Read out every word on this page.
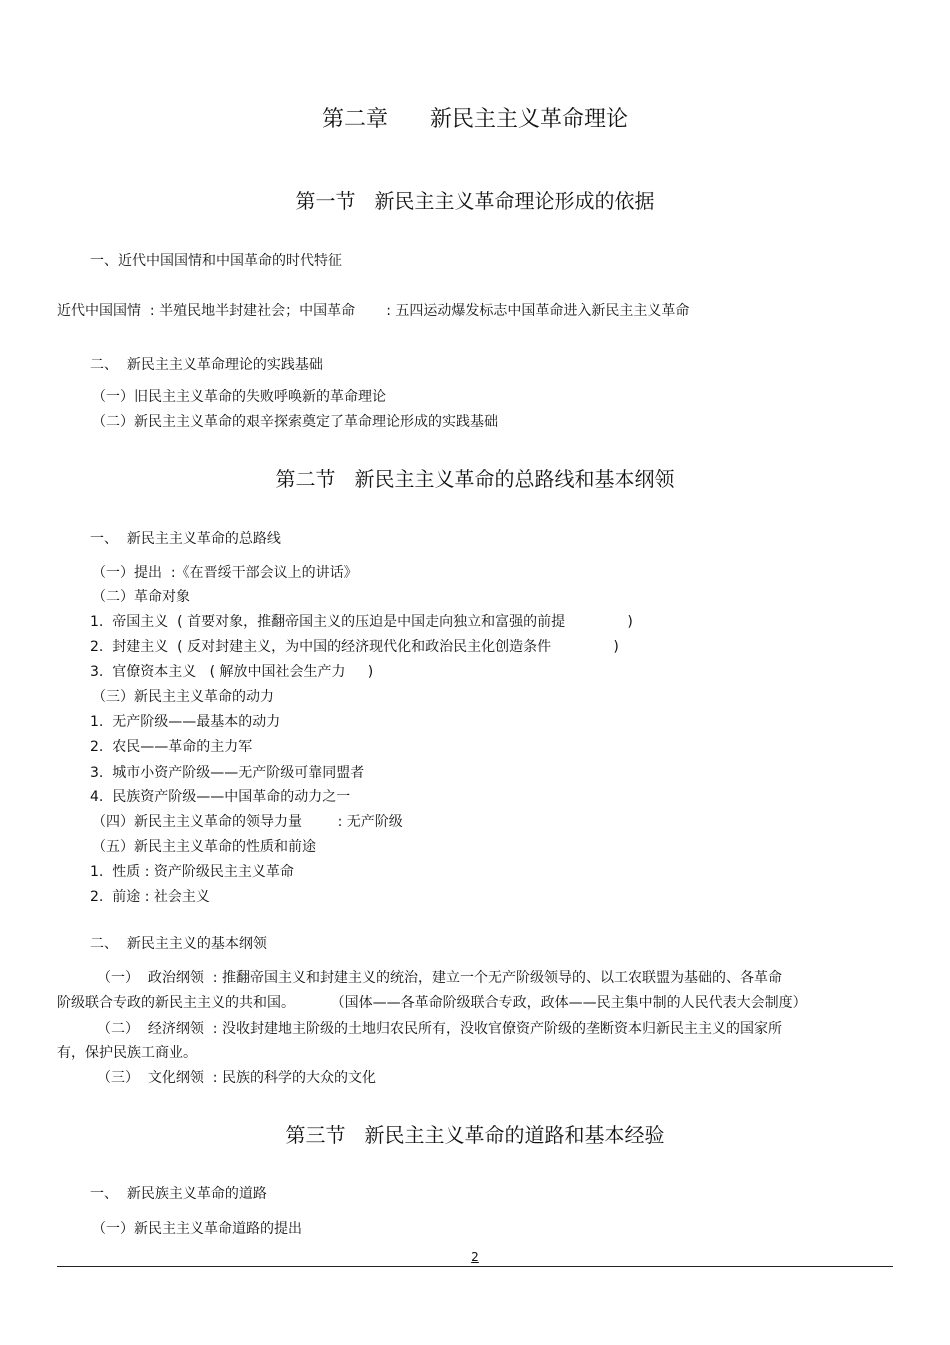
第二章      新民主主义革命理论
第一节   新民主主义革命理论形成的依据
一、近代中国国情和中国革命的时代特征
近代中国国情  : 半殖民地半封建社会；中国革命       : 五四运动爆发标志中国革命进入新民主主义革命
二、  新民主主义革命理论的实践基础
（一）旧民主主义革命的失败呼唤新的革命理论
（二）新民主主义革命的艰辛探索奠定了革命理论形成的实践基础
第二节   新民主主义革命的总路线和基本纲领
一、  新民主主义革命的总路线
（一）提出  :《在晋绥干部会议上的讲话》
（二）革命对象
1.  帝国主义  ( 首要对象，推翻帝国主义的压迫是中国走向独立和富强的前提              )
2.  封建主义  ( 反对封建主义，为中国的经济现代化和政治民主化创造条件              )
3.  官僚资本主义   ( 解放中国社会生产力     )
（三）新民主主义革命的动力
1.  无产阶级——最基本的动力
2.  农民——革命的主力军
3.  城市小资产阶级——无产阶级可靠同盟者
4.  民族资产阶级——中国革命的动力之一
（四）新民主主义革命的领导力量        : 无产阶级
（五）新民主主义革命的性质和前途
1.  性质 : 资产阶级民主主义革命
2.  前途 : 社会主义
二、  新民主主义的基本纲领
（一）  政治纲领  : 推翻帝国主义和封建主义的统治，建立一个无产阶级领导的、以工农联盟为基础的、各革命
阶级联合专政的新民主主义的共和国。        （国体——各革命阶级联合专政，政体——民主集中制的人民代表大会制度）
（二）  经济纲领  : 没收封建地主阶级的土地归农民所有，没收官僚资产阶级的垄断资本归新民主主义的国家所
有，保护民族工商业。
（三）  文化纲领  : 民族的科学的大众的文化
第三节   新民主主义革命的道路和基本经验
一、  新民族主义革命的道路
（一）新民主主义革命道路的提出
2
